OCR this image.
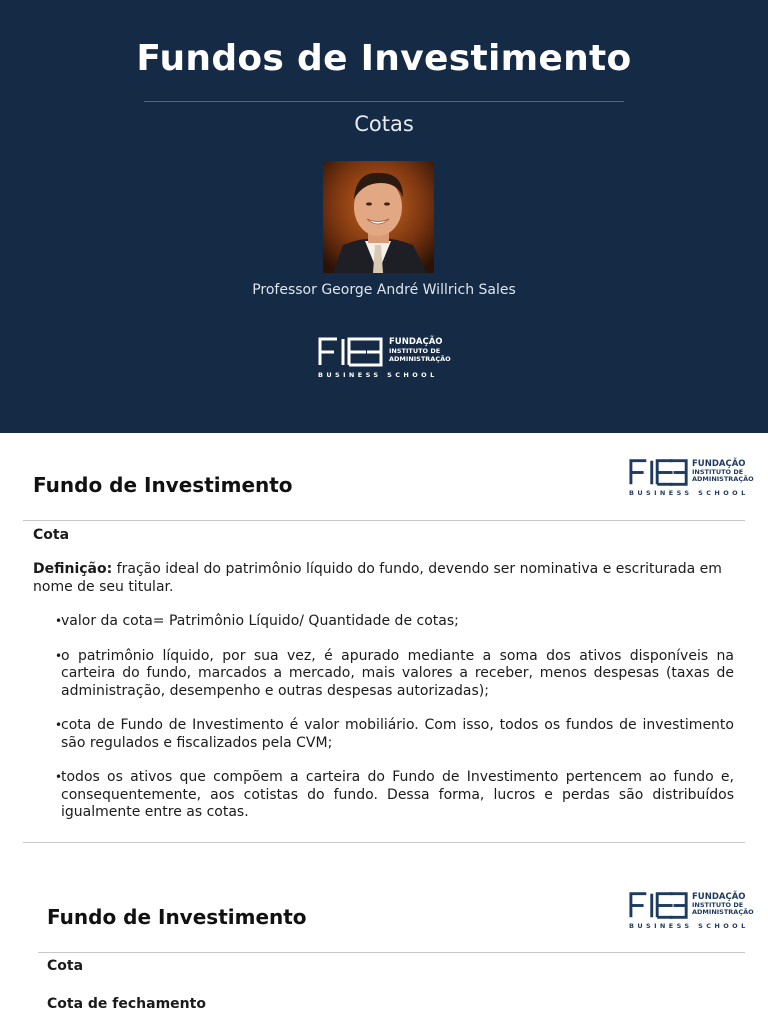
Fundos de Investimento
Cotas
Professor George André Willrich Sales
FUNDAÇÃO
INSTITUTO DE
ADMINISTRAÇÃO
BUSINESS SCHOOL
Fundo de Investimento
FUNDAÇÃO
INSTITUTO DE
ADMINISTRAÇÃO
BUSINESS SCHOOL
Cota
Definição: fração ideal do patrimônio líquido do fundo, devendo ser nominativa e escriturada em nome de seu titular.
• valor da cota= Patrimônio Líquido/ Quantidade de cotas;
• o patrimônio líquido, por sua vez, é apurado mediante a soma dos ativos disponíveis na carteira do fundo, marcados a mercado, mais valores a receber, menos despesas (taxas de administração, desempenho e outras despesas autorizadas);
• cota de Fundo de Investimento é valor mobiliário. Com isso, todos os fundos de investimento são regulados e fiscalizados pela CVM;
• todos os ativos que compõem a carteira do Fundo de Investimento pertencem ao fundo e, consequentemente, aos cotistas do fundo. Dessa forma, lucros e perdas são distribuídos igualmente entre as cotas.
Fundo de Investimento
FUNDAÇÃO
INSTITUTO DE
ADMINISTRAÇÃO
BUSINESS SCHOOL
Cota
Cota de fechamento
